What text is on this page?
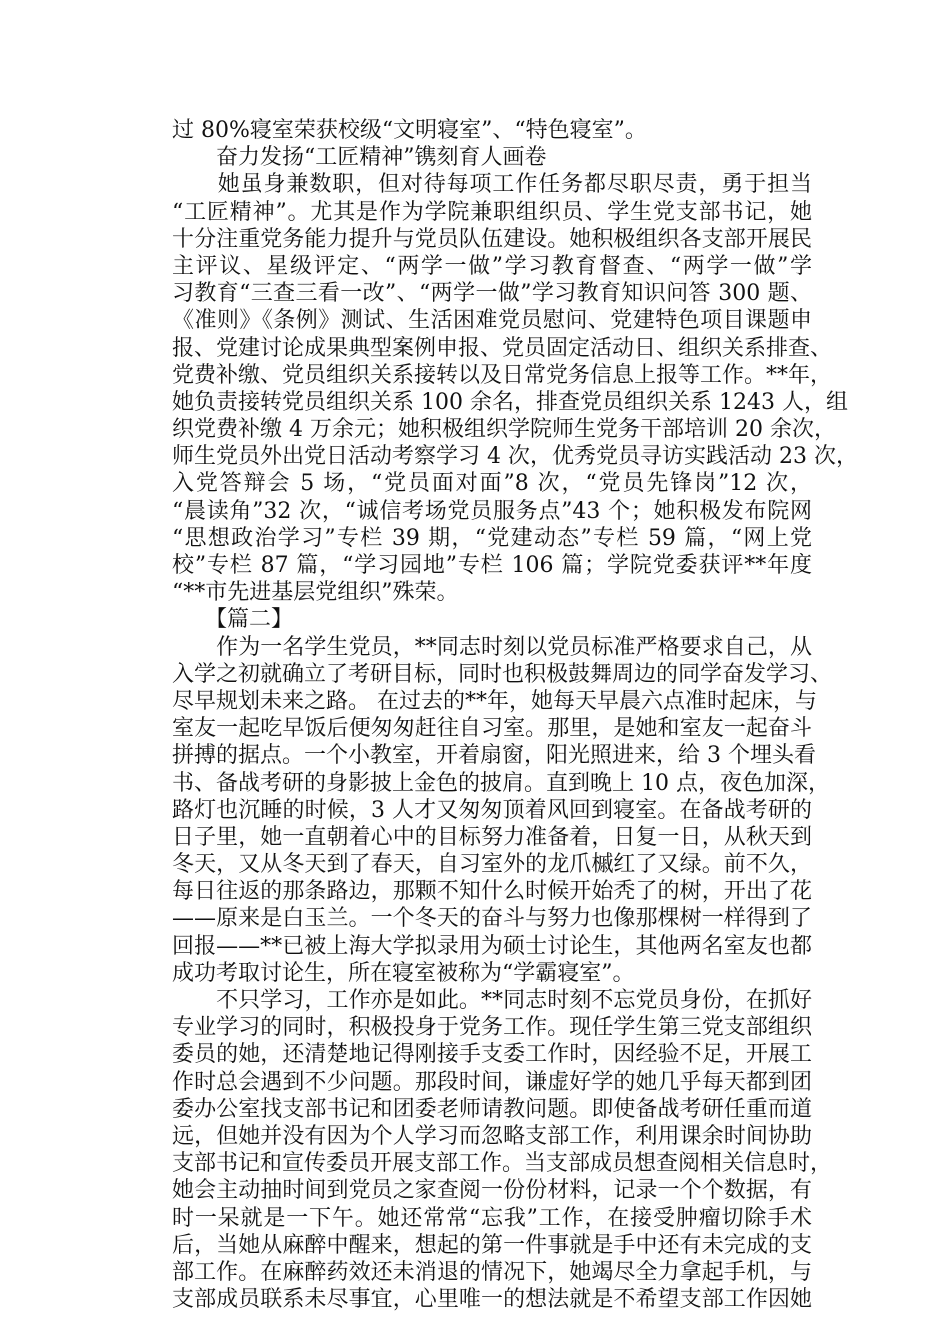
过 80%寝室荣获校级“文明寝室”、“特色寝室”。
　　奋力发扬“工匠精神”镌刻育人画卷
　　她虽身兼数职，但对待每项工作任务都尽职尽责，勇于担当
“工匠精神”。尤其是作为学院兼职组织员、学生党支部书记，她
十分注重党务能力提升与党员队伍建设。她积极组织各支部开展民
主评议、星级评定、“两学一做”学习教育督查、“两学一做”学
习教育“三查三看一改”、“两学一做”学习教育知识问答 300 题、
《准则》《条例》测试、生活困难党员慰问、党建特色项目课题申
报、党建讨论成果典型案例申报、党员固定活动日、组织关系排查、
党费补缴、党员组织关系接转以及日常党务信息上报等工作。**年，
她负责接转党员组织关系 100 余名，排查党员组织关系 1243 人，组
织党费补缴 4 万余元；她积极组织学院师生党务干部培训 20 余次，
师生党员外出党日活动考察学习 4 次，优秀党员寻访实践活动 23 次，
入党答辩会 5 场，“党员面对面”8 次，“党员先锋岗”12 次，
“晨读角”32 次，“诚信考场党员服务点”43 个；她积极发布院网
“思想政治学习”专栏 39 期，“党建动态”专栏 59 篇，“网上党
校”专栏 87 篇，“学习园地”专栏 106 篇；学院党委获评**年度
“**市先进基层党组织”殊荣。
　　【篇二】
　　作为一名学生党员，**同志时刻以党员标准严格要求自己，从
入学之初就确立了考研目标，同时也积极鼓舞周边的同学奋发学习、
尽早规划未来之路。 在过去的**年，她每天早晨六点准时起床，与
室友一起吃早饭后便匆匆赶往自习室。那里，是她和室友一起奋斗
拼搏的据点。一个小教室，开着扇窗，阳光照进来，给 3 个埋头看
书、备战考研的身影披上金色的披肩。直到晚上 10 点，夜色加深，
路灯也沉睡的时候，3 人才又匆匆顶着风回到寝室。在备战考研的
日子里，她一直朝着心中的目标努力准备着，日复一日，从秋天到
冬天，又从冬天到了春天，自习室外的龙爪槭红了又绿。前不久，
每日往返的那条路边，那颗不知什么时候开始秃了的树，开出了花
——原来是白玉兰。一个冬天的奋斗与努力也像那棵树一样得到了
回报——**已被上海大学拟录用为硕士讨论生，其他两名室友也都
成功考取讨论生，所在寝室被称为“学霸寝室”。
　　不只学习，工作亦是如此。**同志时刻不忘党员身份，在抓好
专业学习的同时，积极投身于党务工作。现任学生第三党支部组织
委员的她，还清楚地记得刚接手支委工作时，因经验不足，开展工
作时总会遇到不少问题。那段时间，谦虚好学的她几乎每天都到团
委办公室找支部书记和团委老师请教问题。即使备战考研任重而道
远，但她并没有因为个人学习而忽略支部工作，利用课余时间协助
支部书记和宣传委员开展支部工作。当支部成员想查阅相关信息时，
她会主动抽时间到党员之家查阅一份份材料，记录一个个数据，有
时一呆就是一下午。她还常常“忘我”工作，在接受肿瘤切除手术
后，当她从麻醉中醒来，想起的第一件事就是手中还有未完成的支
部工作。在麻醉药效还未消退的情况下，她竭尽全力拿起手机，与
支部成员联系未尽事宜，心里唯一的想法就是不希望支部工作因她
